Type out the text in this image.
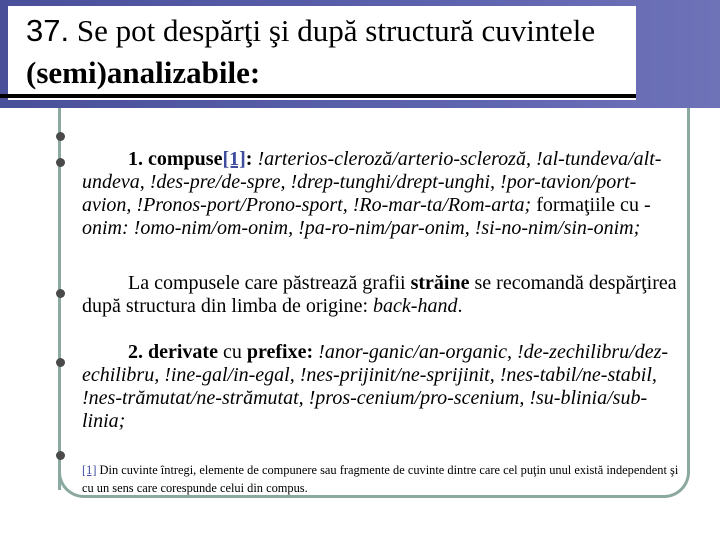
37. Se pot despărţi şi după structură cuvintele (semi)analizabile:
1. compuse[1]: !arterios-cleroză/arterio-scleroză, !al-tundeva/alt-undeva, !des-pre/de-spre, !drep-tunghi/drept-unghi, !por-tavion/port-avion, !Pronos-port/Prono-sport, !Ro-mar-ta/Rom-arta; formaţiile cu -onim: !omo-nim/om-onim, !pa-ro-nim/par-onim, !si-no-nim/sin-onim;
La compusele care păstrează grafii străine se recomandă despărţirea după structura din limba de origine: back-hand.
2. derivate cu prefixe: !anor-ganic/an-organic, !de-zechilibru/dez-echilibru, !ine-gal/in-egal, !nes-prijinit/ne-sprijinit, !nes-tabil/ne-stabil, !nes-trămutat/ne-strămutat, !pros-cenium/pro-scenium, !su-blinia/sub-linia;
[1] Din cuvinte întregi, elemente de compunere sau fragmente de cuvinte dintre care cel puţin unul există independent şi cu un sens care corespunde celui din compus.
